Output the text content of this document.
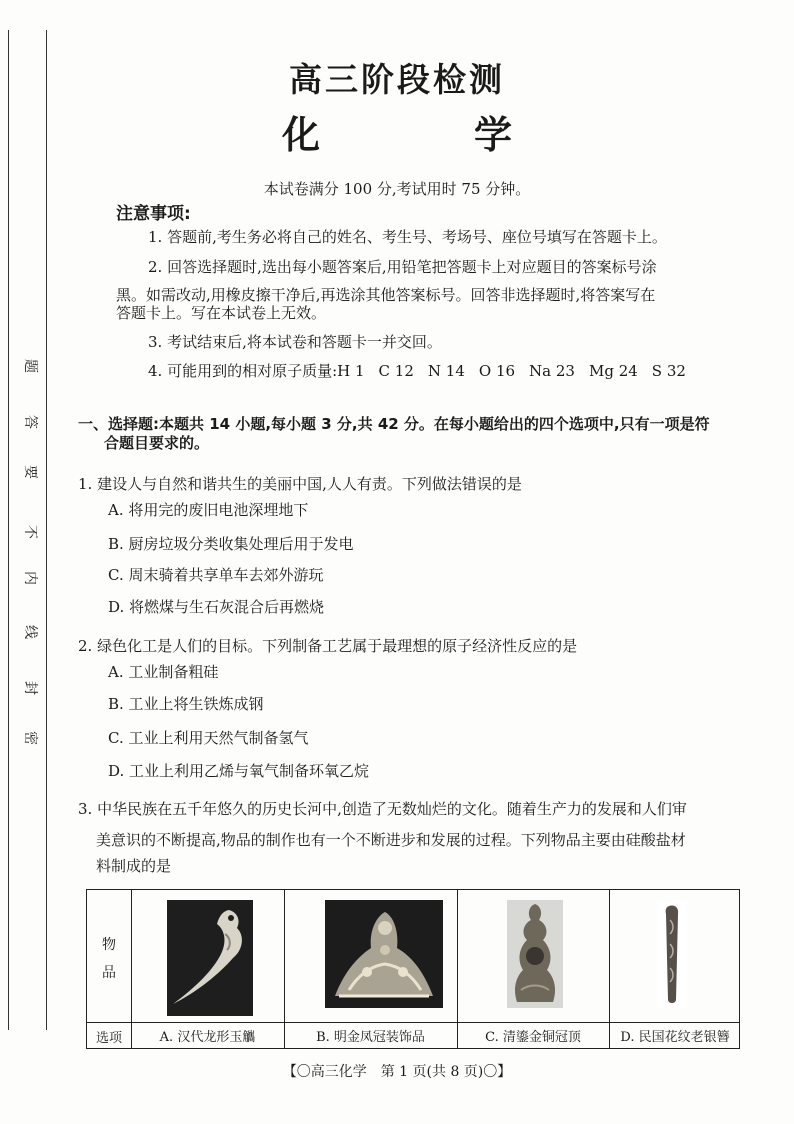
题
答
要
不
内
线
封
密
高三阶段检测
化　学
本试卷满分 100 分,考试用时 75 分钟。
注意事项:
1. 答题前,考生务必将自己的姓名、考生号、考场号、座位号填写在答题卡上。
2. 回答选择题时,选出每小题答案后,用铅笔把答题卡上对应题目的答案标号涂
黑。如需改动,用橡皮擦干净后,再选涂其他答案标号。回答非选择题时,将答案写在
答题卡上。写在本试卷上无效。
3. 考试结束后,将本试卷和答题卡一并交回。
4. 可能用到的相对原子质量:H 1 C 12 N 14 O 16 Na 23 Mg 24 S 32
一、选择题:本题共 14 小题,每小题 3 分,共 42 分。在每小题给出的四个选项中,只有一项是符
合题目要求的。
1. 建设人与自然和谐共生的美丽中国,人人有责。下列做法错误的是
A. 将用完的废旧电池深埋地下
B. 厨房垃圾分类收集处理后用于发电
C. 周末骑着共享单车去郊外游玩
D. 将燃煤与生石灰混合后再燃烧
2. 绿色化工是人们的目标。下列制备工艺属于最理想的原子经济性反应的是
A. 工业制备粗硅
B. 工业上将生铁炼成钢
C. 工业上利用天然气制备氢气
D. 工业上利用乙烯与氧气制备环氧乙烷
3. 中华民族在五千年悠久的历史长河中,创造了无数灿烂的文化。随着生产力的发展和人们审
美意识的不断提高,物品的制作也有一个不断进步和发展的过程。下列物品主要由硅酸盐材
料制成的是
物
品
选项	A. 汉代龙形玉觿	B. 明金凤冠装饰品	C. 清鎏金铜冠顶	D. 民国花纹老银簪
【〇高三化学　第 1 页(共 8 页)〇】
